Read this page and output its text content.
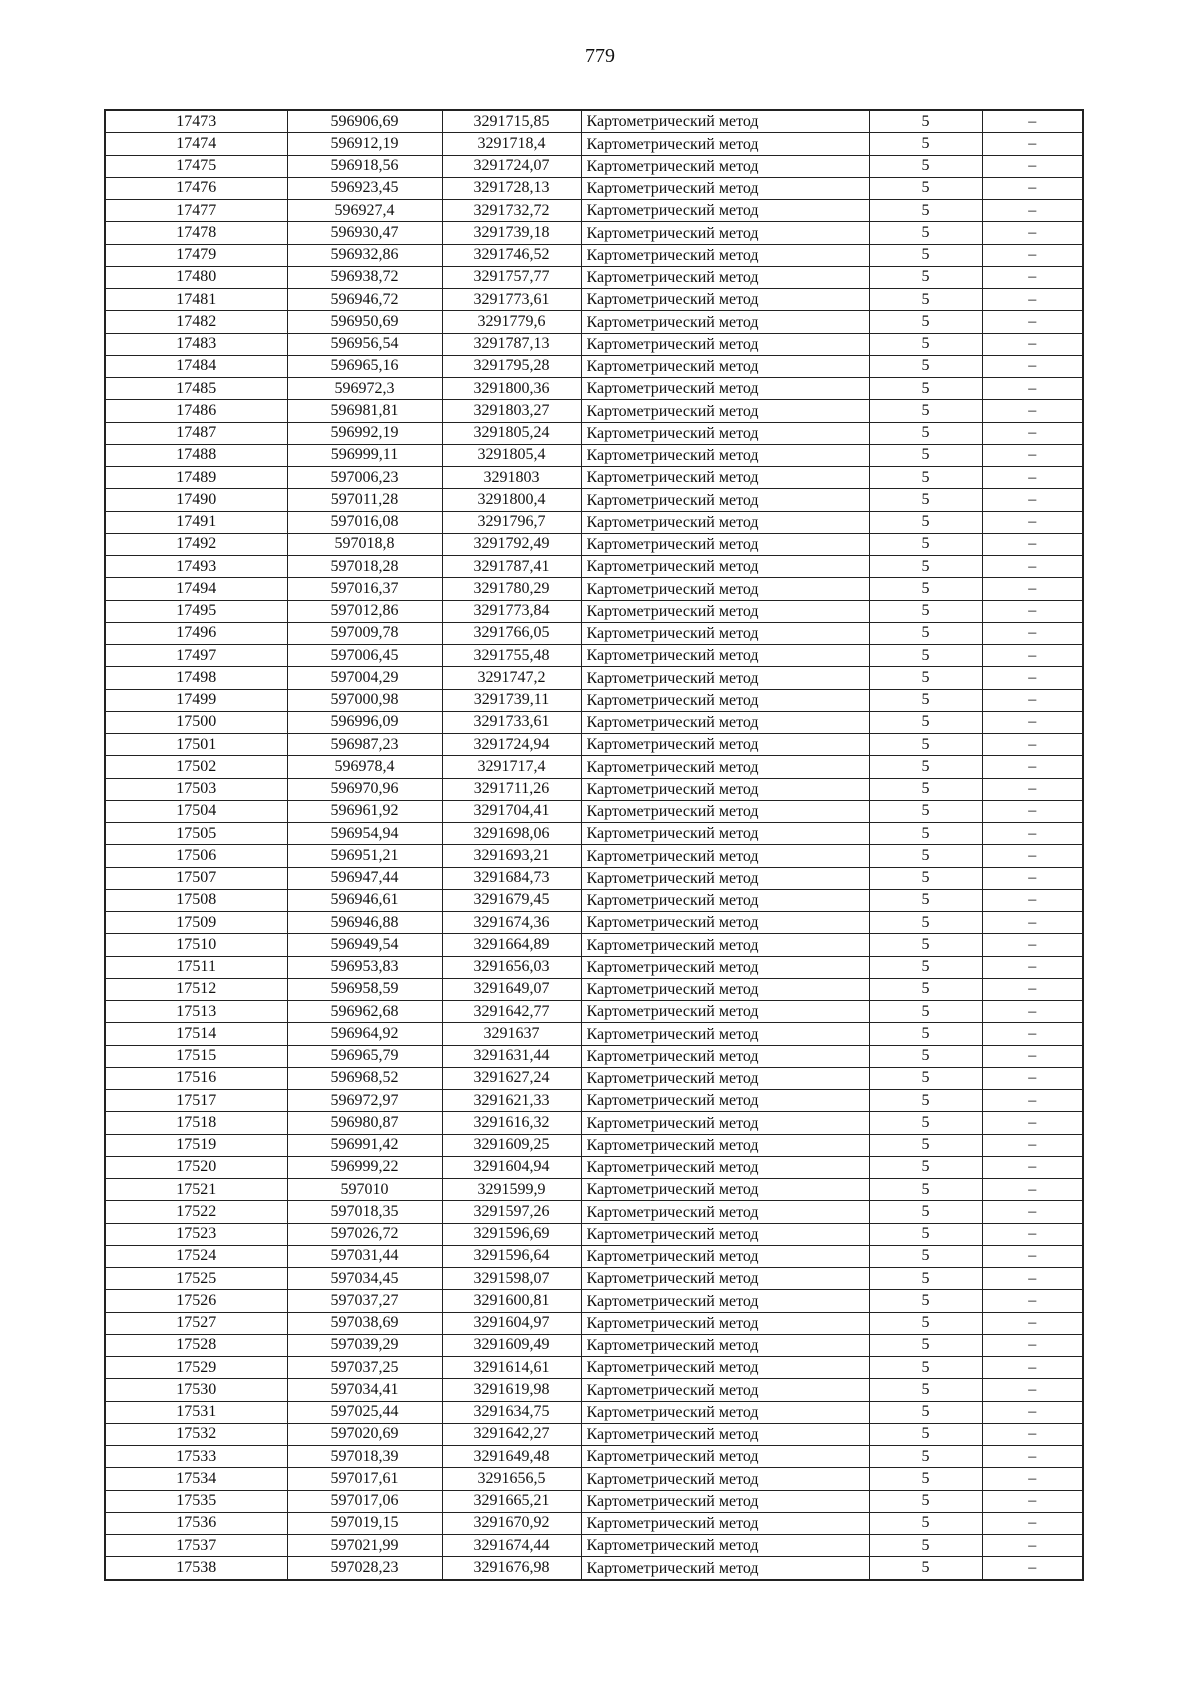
779
17473	596906,69	3291715,85	Картометрический метод	5	–
17474	596912,19	3291718,4	Картометрический метод	5	–
17475	596918,56	3291724,07	Картометрический метод	5	–
17476	596923,45	3291728,13	Картометрический метод	5	–
17477	596927,4	3291732,72	Картометрический метод	5	–
17478	596930,47	3291739,18	Картометрический метод	5	–
17479	596932,86	3291746,52	Картометрический метод	5	–
17480	596938,72	3291757,77	Картометрический метод	5	–
17481	596946,72	3291773,61	Картометрический метод	5	–
17482	596950,69	3291779,6	Картометрический метод	5	–
17483	596956,54	3291787,13	Картометрический метод	5	–
17484	596965,16	3291795,28	Картометрический метод	5	–
17485	596972,3	3291800,36	Картометрический метод	5	–
17486	596981,81	3291803,27	Картометрический метод	5	–
17487	596992,19	3291805,24	Картометрический метод	5	–
17488	596999,11	3291805,4	Картометрический метод	5	–
17489	597006,23	3291803	Картометрический метод	5	–
17490	597011,28	3291800,4	Картометрический метод	5	–
17491	597016,08	3291796,7	Картометрический метод	5	–
17492	597018,8	3291792,49	Картометрический метод	5	–
17493	597018,28	3291787,41	Картометрический метод	5	–
17494	597016,37	3291780,29	Картометрический метод	5	–
17495	597012,86	3291773,84	Картометрический метод	5	–
17496	597009,78	3291766,05	Картометрический метод	5	–
17497	597006,45	3291755,48	Картометрический метод	5	–
17498	597004,29	3291747,2	Картометрический метод	5	–
17499	597000,98	3291739,11	Картометрический метод	5	–
17500	596996,09	3291733,61	Картометрический метод	5	–
17501	596987,23	3291724,94	Картометрический метод	5	–
17502	596978,4	3291717,4	Картометрический метод	5	–
17503	596970,96	3291711,26	Картометрический метод	5	–
17504	596961,92	3291704,41	Картометрический метод	5	–
17505	596954,94	3291698,06	Картометрический метод	5	–
17506	596951,21	3291693,21	Картометрический метод	5	–
17507	596947,44	3291684,73	Картометрический метод	5	–
17508	596946,61	3291679,45	Картометрический метод	5	–
17509	596946,88	3291674,36	Картометрический метод	5	–
17510	596949,54	3291664,89	Картометрический метод	5	–
17511	596953,83	3291656,03	Картометрический метод	5	–
17512	596958,59	3291649,07	Картометрический метод	5	–
17513	596962,68	3291642,77	Картометрический метод	5	–
17514	596964,92	3291637	Картометрический метод	5	–
17515	596965,79	3291631,44	Картометрический метод	5	–
17516	596968,52	3291627,24	Картометрический метод	5	–
17517	596972,97	3291621,33	Картометрический метод	5	–
17518	596980,87	3291616,32	Картометрический метод	5	–
17519	596991,42	3291609,25	Картометрический метод	5	–
17520	596999,22	3291604,94	Картометрический метод	5	–
17521	597010	3291599,9	Картометрический метод	5	–
17522	597018,35	3291597,26	Картометрический метод	5	–
17523	597026,72	3291596,69	Картометрический метод	5	–
17524	597031,44	3291596,64	Картометрический метод	5	–
17525	597034,45	3291598,07	Картометрический метод	5	–
17526	597037,27	3291600,81	Картометрический метод	5	–
17527	597038,69	3291604,97	Картометрический метод	5	–
17528	597039,29	3291609,49	Картометрический метод	5	–
17529	597037,25	3291614,61	Картометрический метод	5	–
17530	597034,41	3291619,98	Картометрический метод	5	–
17531	597025,44	3291634,75	Картометрический метод	5	–
17532	597020,69	3291642,27	Картометрический метод	5	–
17533	597018,39	3291649,48	Картометрический метод	5	–
17534	597017,61	3291656,5	Картометрический метод	5	–
17535	597017,06	3291665,21	Картометрический метод	5	–
17536	597019,15	3291670,92	Картометрический метод	5	–
17537	597021,99	3291674,44	Картометрический метод	5	–
17538	597028,23	3291676,98	Картометрический метод	5	–
